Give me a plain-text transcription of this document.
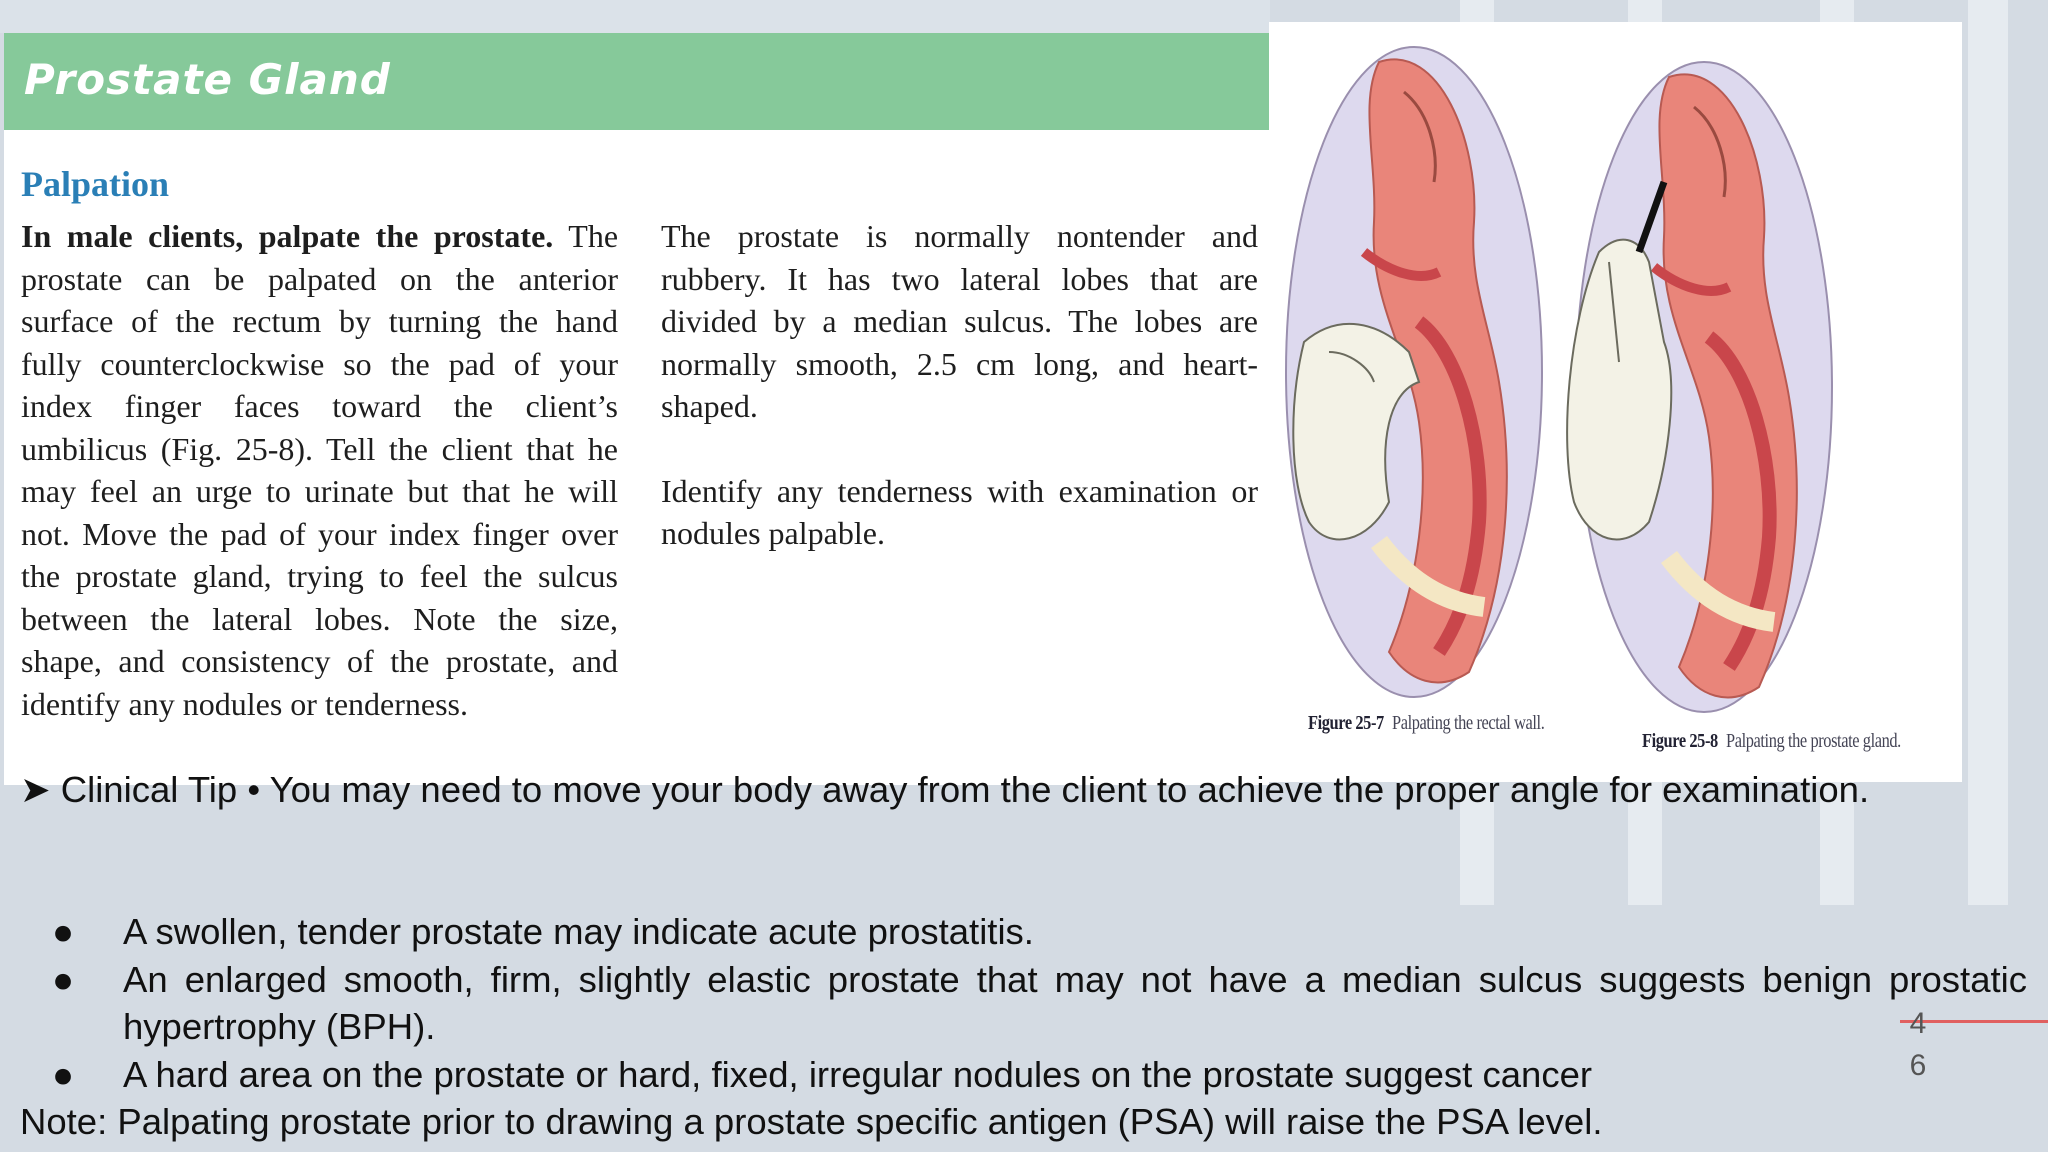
Prostate Gland
Palpation

In male clients, palpate the prostate. The prostate can be palpated on the anterior surface of the rectum by turning the hand fully counterclockwise so the pad of your index finger faces toward the client’s umbilicus (Fig. 25-8). Tell the client that he may feel an urge to urinate but that he will not. Move the pad of your index finger over the prostate gland, trying to feel the sulcus between the lateral lobes. Note the size, shape, and consistency of the prostate, and identify any nodules or tenderness.

The prostate is normally nontender and rubbery. It has two lateral lobes that are divided by a median sulcus. The lobes are normally smooth, 2.5 cm long, and heart-shaped.

Identify any tenderness with examination or nodules palpable.

Figure 25-7 Palpating the rectal wall.
Figure 25-8 Palpating the prostate gland.
➤ Clinical Tip • You may need to move your body away from the client to achieve the proper angle for examination.
● A swollen, tender prostate may indicate acute prostatitis.
● An enlarged smooth, firm, slightly elastic prostate that may not have a median sulcus suggests benign prostatic hypertrophy (BPH).
● A hard area on the prostate or hard, fixed, irregular nodules on the prostate suggest cancer
Note: Palpating prostate prior to drawing a prostate specific antigen (PSA) will raise the PSA level.
4
6
